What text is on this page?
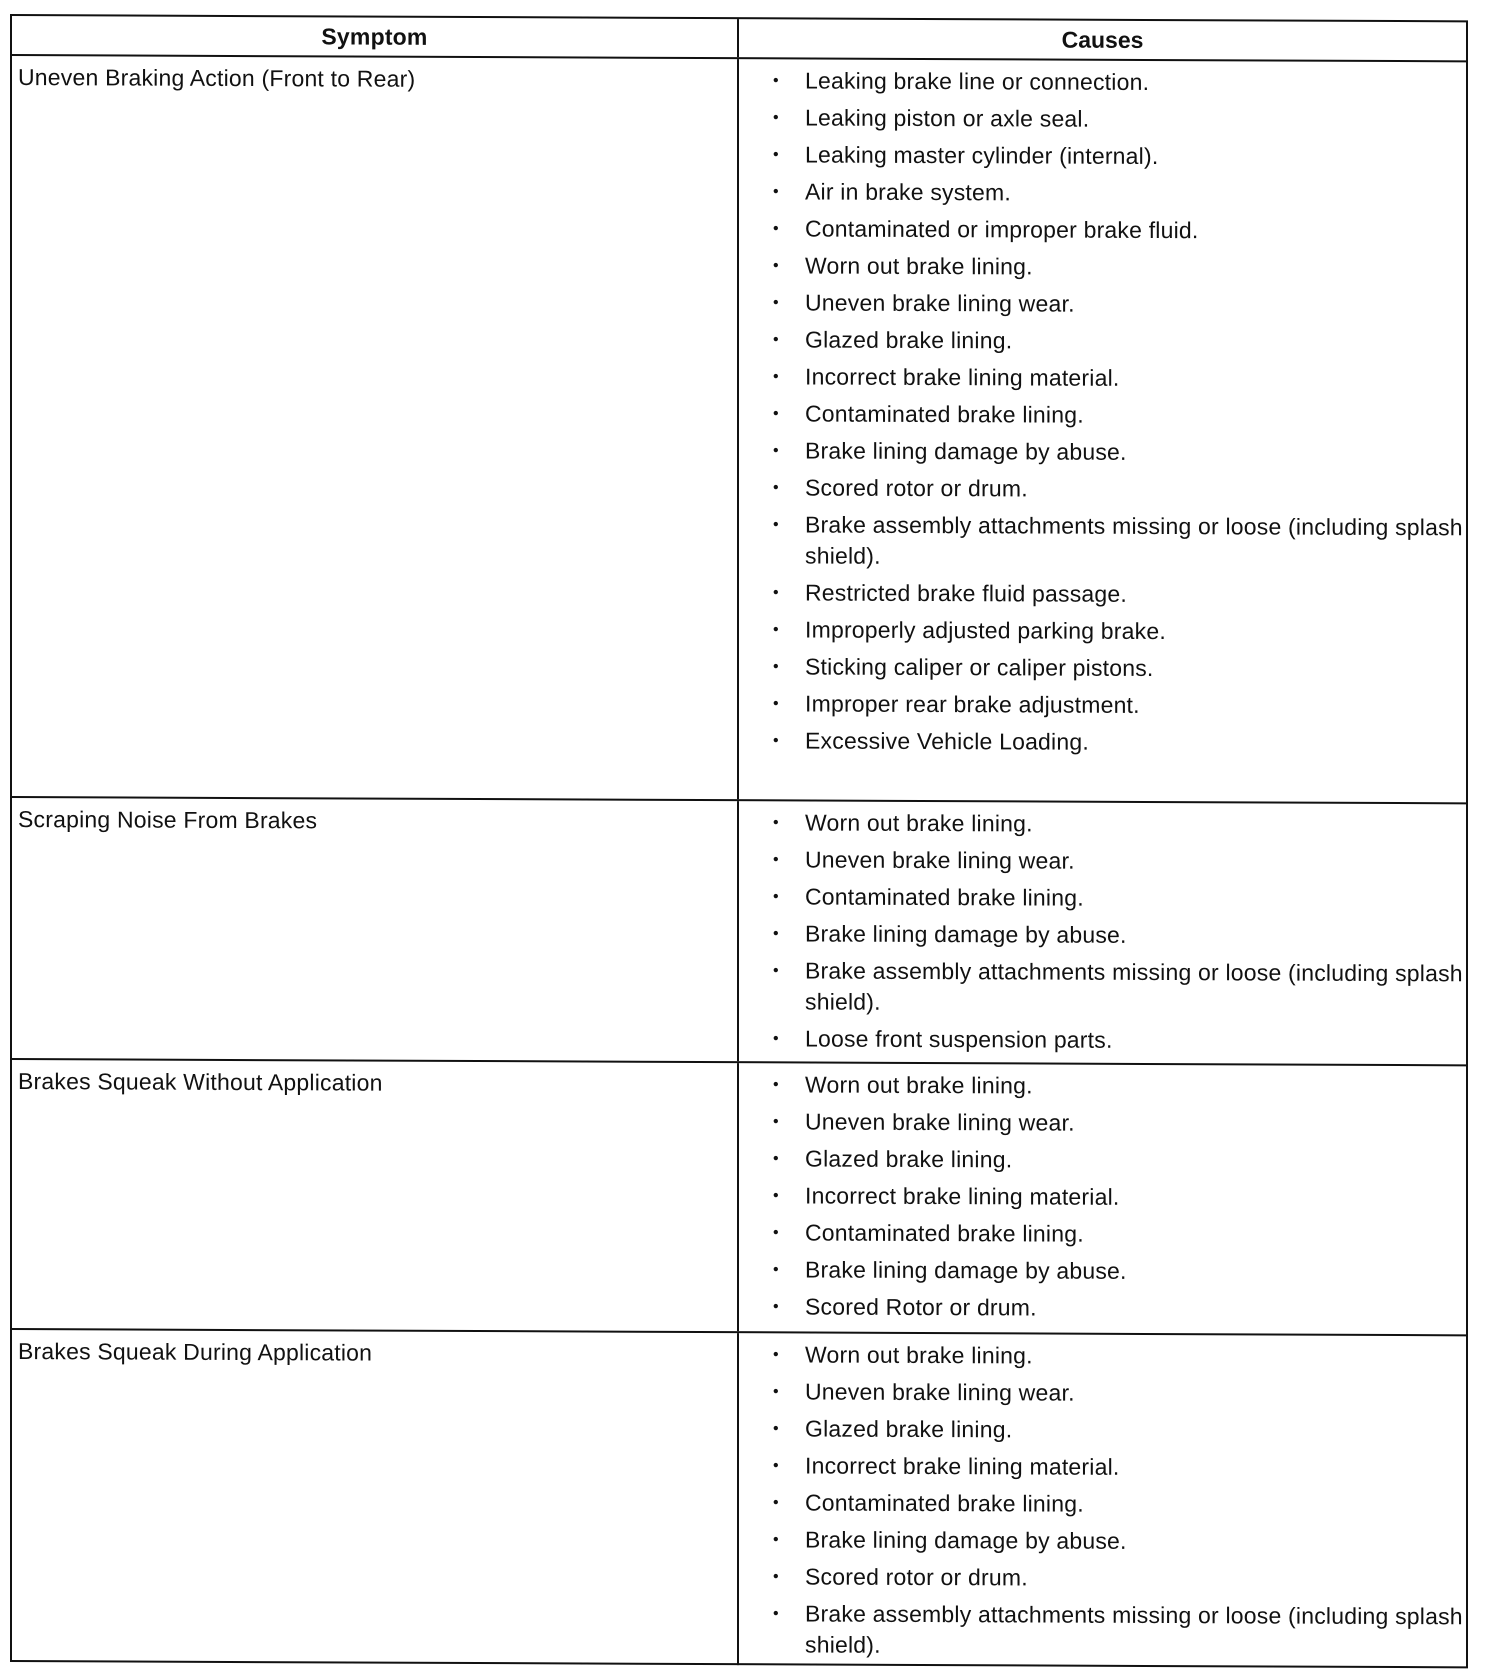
Symptom	Causes
Uneven Braking Action (Front to Rear)	• Leaking brake line or connection.
• Leaking piston or axle seal.
• Leaking master cylinder (internal).
• Air in brake system.
• Contaminated or improper brake fluid.
• Worn out brake lining.
• Uneven brake lining wear.
• Glazed brake lining.
• Incorrect brake lining material.
• Contaminated brake lining.
• Brake lining damage by abuse.
• Scored rotor or drum.
• Brake assembly attachments missing or loose (including splash shield).
• Restricted brake fluid passage.
• Improperly adjusted parking brake.
• Sticking caliper or caliper pistons.
• Improper rear brake adjustment.
• Excessive Vehicle Loading.
Scraping Noise From Brakes	• Worn out brake lining.
• Uneven brake lining wear.
• Contaminated brake lining.
• Brake lining damage by abuse.
• Brake assembly attachments missing or loose (including splash shield).
• Loose front suspension parts.
Brakes Squeak Without Application	• Worn out brake lining.
• Uneven brake lining wear.
• Glazed brake lining.
• Incorrect brake lining material.
• Contaminated brake lining.
• Brake lining damage by abuse.
• Scored Rotor or drum.
Brakes Squeak During Application	• Worn out brake lining.
• Uneven brake lining wear.
• Glazed brake lining.
• Incorrect brake lining material.
• Contaminated brake lining.
• Brake lining damage by abuse.
• Scored rotor or drum.
• Brake assembly attachments missing or loose (including splash shield).
